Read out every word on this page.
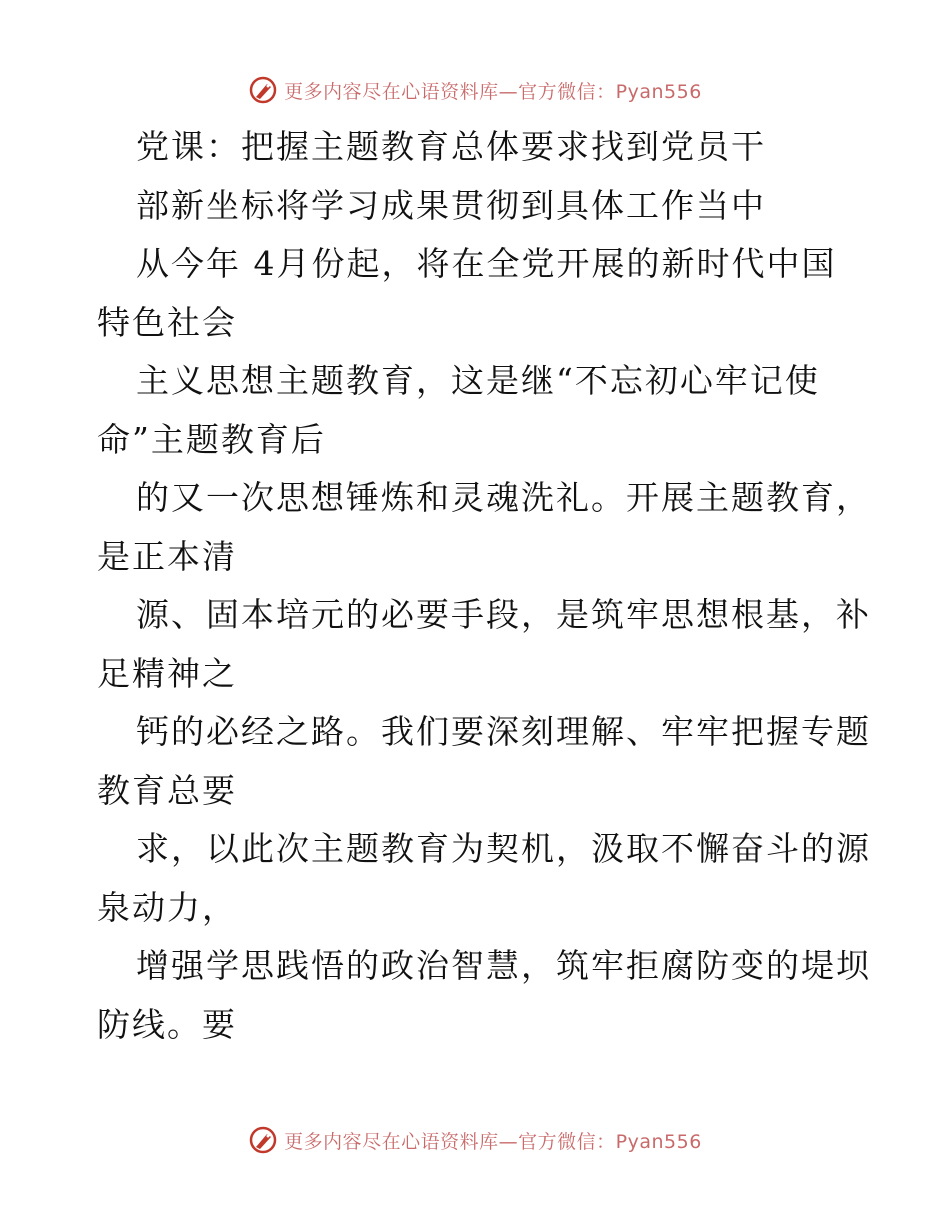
更多内容尽在心语资料库—官方微信：Pyan556
党课：把握主题教育总体要求找到党员干
部新坐标将学习成果贯彻到具体工作当中
从今年 4月份起，将在全党开展的新时代中国
特色社会
主义思想主题教育，这是继“不忘初心牢记使
命”主题教育后
的又一次思想锤炼和灵魂洗礼。开展主题教育，
是正本清
源、固本培元的必要手段，是筑牢思想根基，补
足精神之
钙的必经之路。我们要深刻理解、牢牢把握专题
教育总要
求，以此次主题教育为契机，汲取不懈奋斗的源
泉动力，
增强学思践悟的政治智慧，筑牢拒腐防变的堤坝
防线。要
更多内容尽在心语资料库—官方微信：Pyan556
